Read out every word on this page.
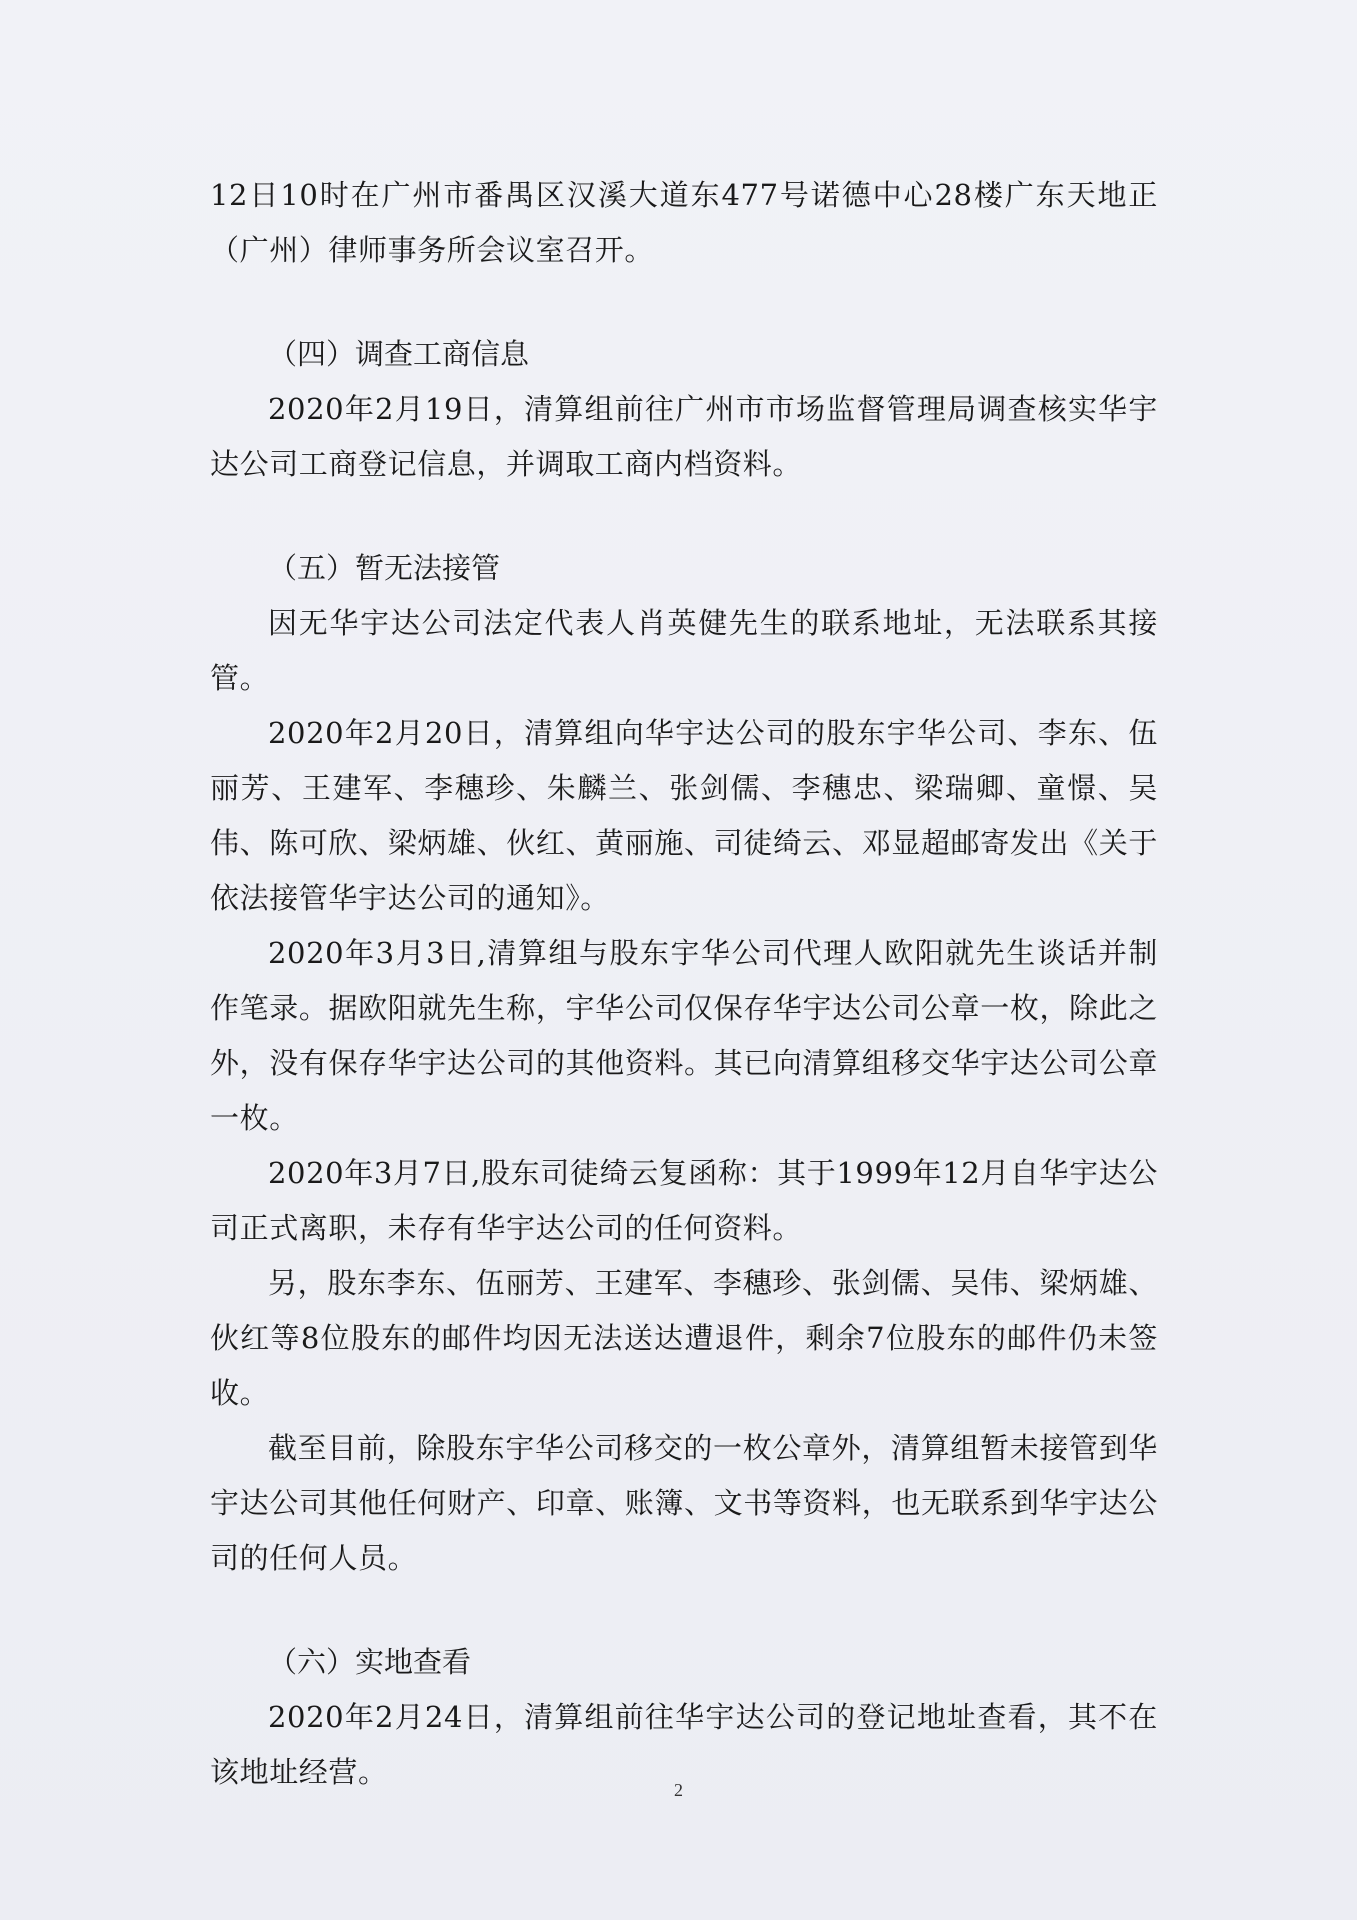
12日10时在广州市番禺区汉溪大道东477号诺德中心28楼广东天地正（广州）律师事务所会议室召开。

（四）调查工商信息

2020年2月19日，清算组前往广州市市场监督管理局调查核实华宇达公司工商登记信息，并调取工商内档资料。

（五）暂无法接管

因无华宇达公司法定代表人肖英健先生的联系地址，无法联系其接管。

2020年2月20日，清算组向华宇达公司的股东宇华公司、李东、伍丽芳、王建军、李穗珍、朱麟兰、张剑儒、李穗忠、梁瑞卿、童憬、吴伟、陈可欣、梁炳雄、伙红、黄丽施、司徒绮云、邓显超邮寄发出《关于依法接管华宇达公司的通知》。

2020年3月3日,清算组与股东宇华公司代理人欧阳就先生谈话并制作笔录。据欧阳就先生称，宇华公司仅保存华宇达公司公章一枚，除此之外，没有保存华宇达公司的其他资料。其已向清算组移交华宇达公司公章一枚。

2020年3月7日,股东司徒绮云复函称：其于1999年12月自华宇达公司正式离职，未存有华宇达公司的任何资料。

另，股东李东、伍丽芳、王建军、李穗珍、张剑儒、吴伟、梁炳雄、伙红等8位股东的邮件均因无法送达遭退件，剩余7位股东的邮件仍未签收。

截至目前，除股东宇华公司移交的一枚公章外，清算组暂未接管到华宇达公司其他任何财产、印章、账簿、文书等资料，也无联系到华宇达公司的任何人员。

（六）实地查看

2020年2月24日，清算组前往华宇达公司的登记地址查看，其不在该地址经营。

2
